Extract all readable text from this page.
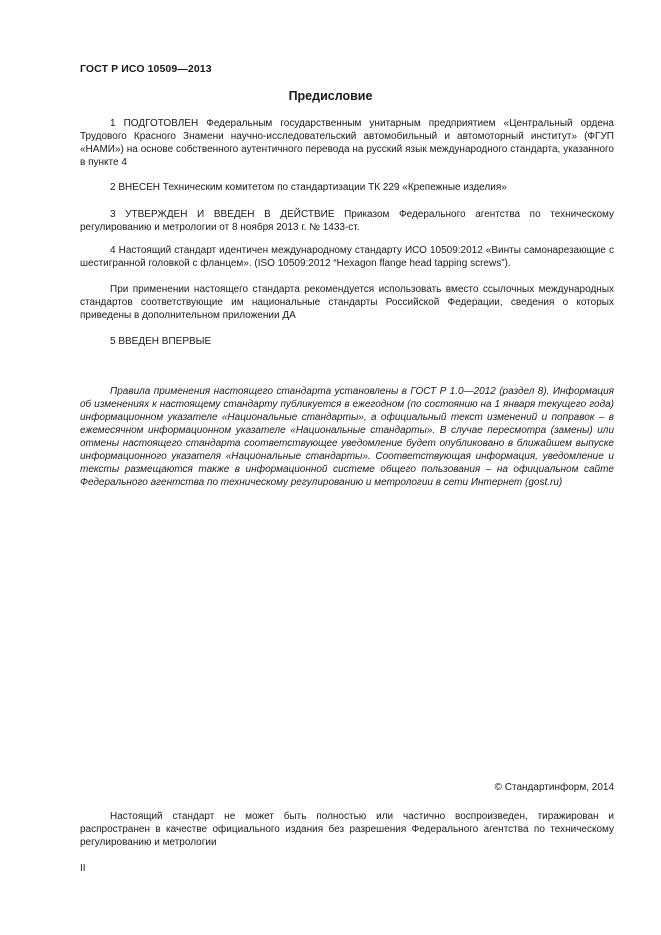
ГОСТ Р ИСО 10509—2013
Предисловие

1 ПОДГОТОВЛЕН Федеральным государственным унитарным предприятием «Центральный ордена Трудового Красного Знамени научно-исследовательский автомобильный и автомоторный институт» (ФГУП «НАМИ») на основе собственного аутентичного перевода на русский язык международного стандарта, указанного в пункте 4

2 ВНЕСЕН Техническим комитетом по стандартизации ТК 229 «Крепежные изделия»

3 УТВЕРЖДЕН И ВВЕДЕН В ДЕЙСТВИЕ Приказом Федерального агентства по техническому регулированию и метрологии от 8 ноября 2013 г. № 1433-ст.

4 Настоящий стандарт идентичен международному стандарту ИСО 10509:2012 «Винты самонарезающие с шестигранной головкой с фланцем». (ISO 10509:2012 “Hexagon flange head tapping screws”).

При применении настоящего стандарта рекомендуется использовать вместо ссылочных международных стандартов соответствующие им национальные стандарты Российской Федерации, сведения о которых приведены в дополнительном приложении ДА

5 ВВЕДЕН ВПЕРВЫЕ

Правила применения настоящего стандарта установлены в ГОСТ Р 1.0—2012 (раздел 8). Информация об изменениях к настоящему стандарту публикуется в ежегодном (по состоянию на 1 января текущего года) информационном указателе «Национальные стандарты», а официальный текст изменений и поправок – в ежемесячном информационном указателе «Национальные стандарты». В случае пересмотра (замены) или отмены настоящего стандарта соответствующее уведомление будет опубликовано в ближайшем выпуске информационного указателя «Национальные стандарты». Соответствующая информация, уведомление и тексты размещаются также в информационной системе общего пользования – на официальном сайте Федерального агентства по техническому регулированию и метрологии в сети Интернет (gost.ru)

© Стандартинформ, 2014

Настоящий стандарт не может быть полностью или частично воспроизведен, тиражирован и распространен в качестве официального издания без разрешения Федерального агентства по техническому регулированию и метрологии

II
